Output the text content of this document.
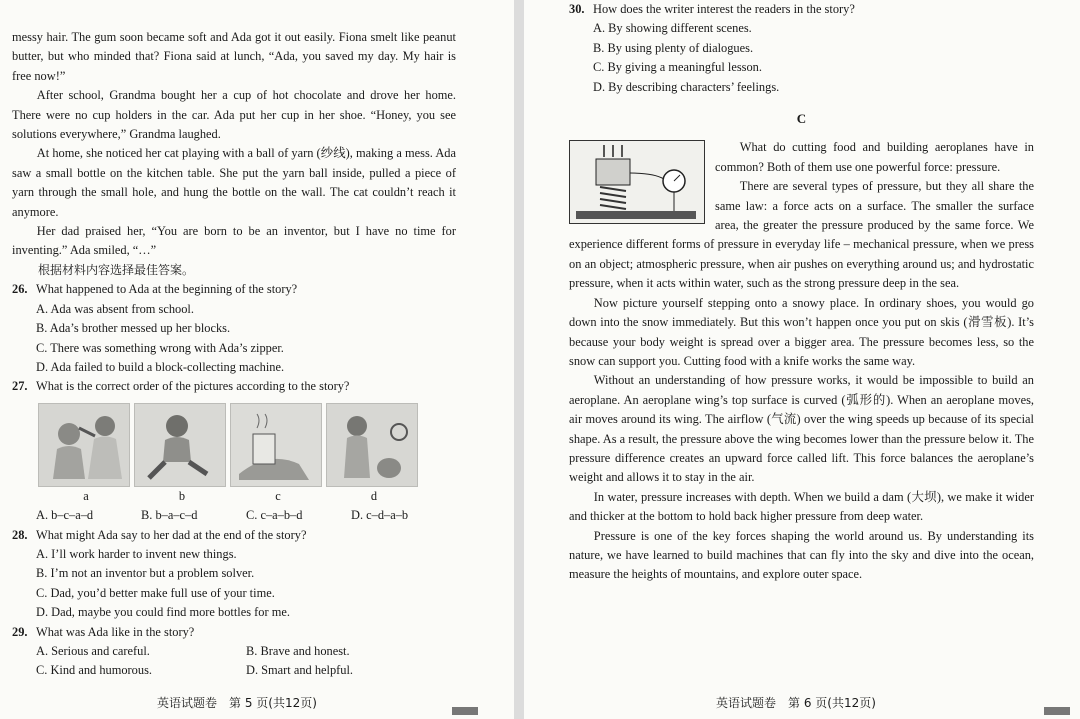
messy hair. The gum soon became soft and Ada got it out easily. Fiona smelt like peanut butter, but who minded that? Fiona said at lunch, “Ada, you saved my day. My hair is free now!”

After school, Grandma bought her a cup of hot chocolate and drove her home. There were no cup holders in the car. Ada put her cup in her shoe. “Honey, you see solutions everywhere,” Grandma laughed.

At home, she noticed her cat playing with a ball of yarn (纱线), making a mess. Ada saw a small bottle on the kitchen table. She put the yarn ball inside, pulled a piece of yarn through the small hole, and hung the bottle on the wall. The cat couldn’t reach it anymore.

Her dad praised her, “You are born to be an inventor, but I have no time for inventing.” Ada smiled, “…”

根据材料内容选择最佳答案。
26. What happened to Ada at the beginning of the story?
A. Ada was absent from school.
B. Ada’s brother messed up her blocks.
C. There was something wrong with Ada’s zipper.
D. Ada failed to build a block-collecting machine.
27. What is the correct order of the pictures according to the story?
a	b	c	d
A. b–c–a–d	B. b–a–c–d	C. c–a–b–d	D. c–d–a–b
28. What might Ada say to her dad at the end of the story?
A. I’ll work harder to invent new things.
B. I’m not an inventor but a problem solver.
C. Dad, you’d better make full use of your time.
D. Dad, maybe you could find more bottles for me.
29. What was Ada like in the story?
A. Serious and careful.	B. Brave and honest.
C. Kind and humorous.	D. Smart and helpful.
英语试题卷　第 5 页(共12页)
30. How does the writer interest the readers in the story?
A. By showing different scenes.
B. By using plenty of dialogues.
C. By giving a meaningful lesson.
D. By describing characters’ feelings.
C

What do cutting food and building aeroplanes have in common? Both of them use one powerful force: pressure.

There are several types of pressure, but they all share the same law: a force acts on a surface. The smaller the surface area, the greater the pressure produced by the same force. We experience different forms of pressure in everyday life – mechanical pressure, when we press on an object; atmospheric pressure, when air pushes on everything around us; and hydrostatic pressure, when it acts within water, such as the strong pressure deep in the sea.

Now picture yourself stepping onto a snowy place. In ordinary shoes, you would go down into the snow immediately. But this won’t happen once you put on skis (滑雪板). It’s because your body weight is spread over a bigger area. The pressure becomes less, so the snow can support you. Cutting food with a knife works the same way.

Without an understanding of how pressure works, it would be impossible to build an aeroplane. An aeroplane wing’s top surface is curved (弧形的). When an aeroplane moves, air moves around its wing. The airflow (气流) over the wing speeds up because of its special shape. As a result, the pressure above the wing becomes lower than the pressure below it. The pressure difference creates an upward force called lift. This force balances the aeroplane’s weight and allows it to stay in the air.

In water, pressure increases with depth. When we build a dam (大坝), we make it wider and thicker at the bottom to hold back higher pressure from deep water.

Pressure is one of the key forces shaping the world around us. By understanding its nature, we have learned to build machines that can fly into the sky and dive into the ocean, measure the heights of mountains, and explore outer space.

英语试题卷　第 6 页(共12页)
